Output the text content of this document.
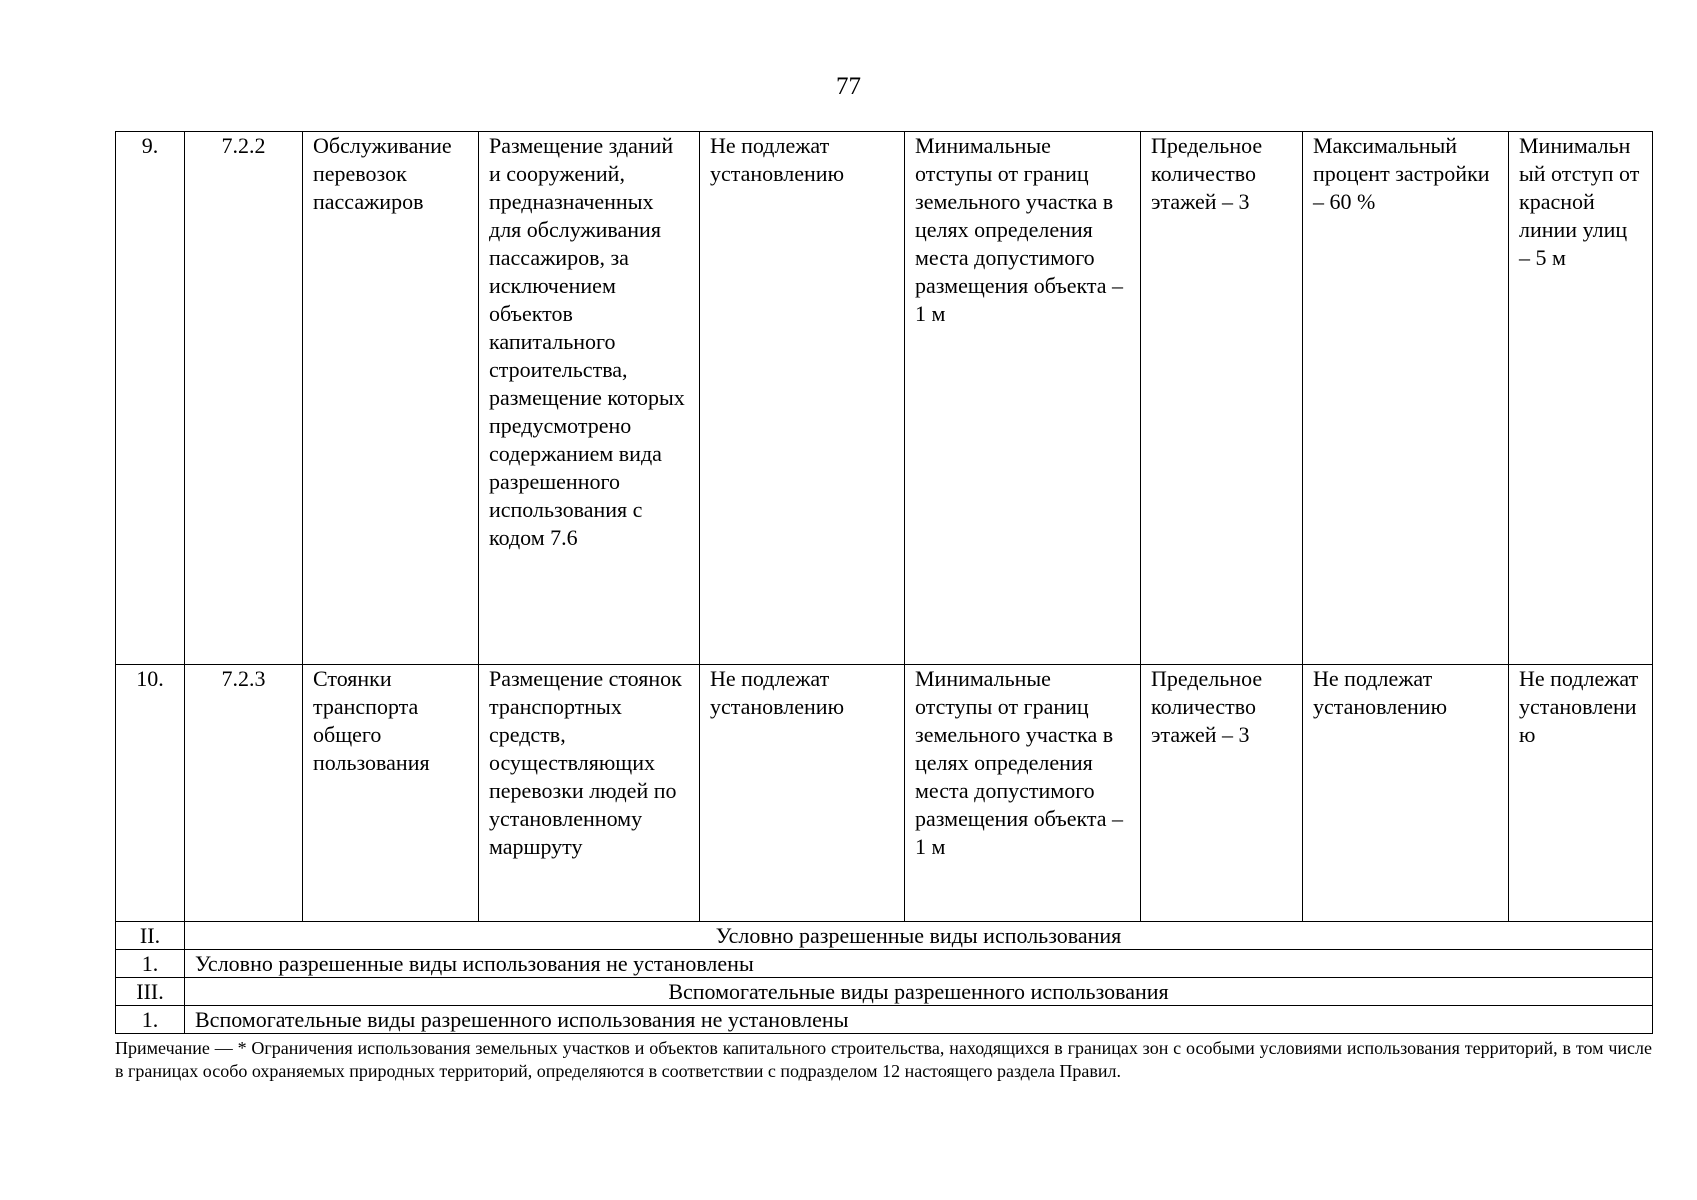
77
9.	7.2.2	Обслуживание перевозок пассажиров	Размещение зданий и сооружений, предназначенных для обслуживания пассажиров, за исключением объектов капитального строительства, размещение которых предусмотрено содержанием вида разрешенного использования с кодом 7.6	Не подлежат установлению	Минимальные отступы от границ земельного участка в целях определения места допустимого размещения объекта – 1 м	Предельное количество этажей – 3	Максимальный процент застройки – 60 %	Минимальный отступ от красной линии улиц – 5 м
10.	7.2.3	Стоянки транспорта общего пользования	Размещение стоянок транспортных средств, осуществляющих перевозки людей по установленному маршруту	Не подлежат установлению	Минимальные отступы от границ земельного участка в целях определения места допустимого размещения объекта – 1 м	Предельное количество этажей – 3	Не подлежат установлению	Не подлежат установлению
II.	Условно разрешенные виды использования							
1.	Условно разрешенные виды использования не установлены							
III.	Вспомогательные виды разрешенного использования							
1.	Вспомогательные виды разрешенного использования не установлены							
Примечание — * Ограничения использования земельных участков и объектов капитального строительства, находящихся в границах зон с особыми условиями использования территорий, в том числе в границах особо охраняемых природных территорий, определяются в соответствии с подразделом 12 настоящего раздела Правил.
